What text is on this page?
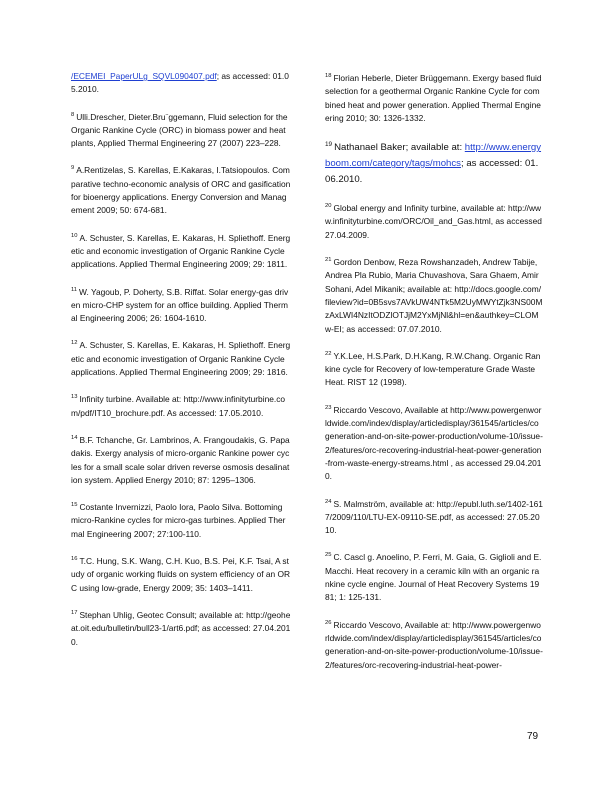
/ECEMEI_PaperULg_SQVL090407.pdf; as accessed: 01.05.2010.

$^8$ Ulli.Drescher, Dieter.Bru¨ggemann, Fluid selection for the Organic Rankine Cycle (ORC) in biomass power and heat plants, Applied Thermal Engineering 27 (2007) 223–228.

$^9$ A.Rentizelas, S. Karellas, E.Kakaras, I.Tatsiopoulos. Comparative techno-economic analysis of ORC and gasification for bioenergy applications. Energy Conversion and Management 2009; 50: 674-681.

$^{10}$ A. Schuster, S. Karellas, E. Kakaras, H. Spliethoff. Energetic and economic investigation of Organic Rankine Cycle applications. Applied Thermal Engineering 2009; 29: 1811.

$^{11}$ W. Yagoub, P. Doherty, S.B. Riffat. Solar energy-gas driven micro-CHP system for an office building. Applied Thermal Engineering 2006; 26: 1604-1610.

$^{12}$ A. Schuster, S. Karellas, E. Kakaras, H. Spliethoff. Energetic and economic investigation of Organic Rankine Cycle applications. Applied Thermal Engineering 2009; 29: 1816.

$^{13}$ Infinity turbine. Available at: http://www.infinityturbine.com/pdf/IT10_brochure.pdf. As accessed: 17.05.2010.

$^{14}$ B.F. Tchanche, Gr. Lambrinos, A. Frangoudakis, G. Papadakis. Exergy analysis of micro-organic Rankine power cycles for a small scale solar driven reverse osmosis desalination system. Applied Energy 2010; 87: 1295–1306.

$^{15}$ Costante Invernizzi, Paolo Iora, Paolo Silva. Bottoming micro-Rankine cycles for micro-gas turbines. Applied Thermal Engineering 2007; 27:100-110.

$^{16}$ T.C. Hung, S.K. Wang, C.H. Kuo, B.S. Pei, K.F. Tsai, A study of organic working fluids on system efficiency of an ORC using low-grade, Energy 2009; 35: 1403–1411.

$^{17}$ Stephan Uhlig, Geotec Consult; available at: http://geoheat.oit.edu/bulletin/bull23-1/art6.pdf; as accessed: 27.04.2010.

$^{18}$ Florian Heberle, Dieter Brüggemann. Exergy based fluid selection for a geothermal Organic Rankine Cycle for combined heat and power generation. Applied Thermal Engineering 2010; 30: 1326-1332.

$^{19}$ Nathanael Baker; available at: http://www.energyboom.com/category/tags/mohcs; as accessed: 01.06.2010.

$^{20}$ Global energy and Infinity turbine, available at: http://www.infinityturbine.com/ORC/Oil_and_Gas.html, as accessed 27.04.2009.

$^{21}$ Gordon Denbow, Reza Rowshanzadeh, Andrew Tabije, Andrea Pla Rubio, Maria Chuvashova, Sara Ghaem, Amir Sohani, Adel Mikanik; available at: http://docs.google.com/fileview?id=0B5svs7AVkUW4NTk5M2UyMWYtZjk3NS00MzAxLWI4NzItODZlOTJjM2YxMjNl&hl=en&authkey=CLOMw-EI; as accessed: 07.07.2010.

$^{22}$ Y.K.Lee, H.S.Park, D.H.Kang, R.W.Chang. Organic Rankine cycle for Recovery of low-temperature Grade Waste Heat. RIST 12 (1998).

$^{23}$ Riccardo Vescovo, Available at http://www.powergenworldwide.com/index/display/articledisplay/361545/articles/cogeneration-and-on-site-power-production/volume-10/issue-2/features/orc-recovering-industrial-heat-power-generation-from-waste-energy-streams.html , as accessed 29.04.2010.

$^{24}$ S. Malmström, available at: http://epubl.luth.se/1402-1617/2009/110/LTU-EX-09110-SE.pdf, as accessed: 27.05.2010.

$^{25}$ C. Cascl g. Anoelino, P. Ferri, M. Gaia, G. Giglioli and E. Macchi. Heat recovery in a ceramic kiln with an organic rankine cycle engine. Journal of Heat Recovery Systems 1981; 1: 125-131.

$^{26}$ Riccardo Vescovo, Available at: http://www.powergenworldwide.com/index/display/articledisplay/361545/articles/cogeneration-and-on-site-power-production/volume-10/issue-2/features/orc-recovering-industrial-heat-power-

79
